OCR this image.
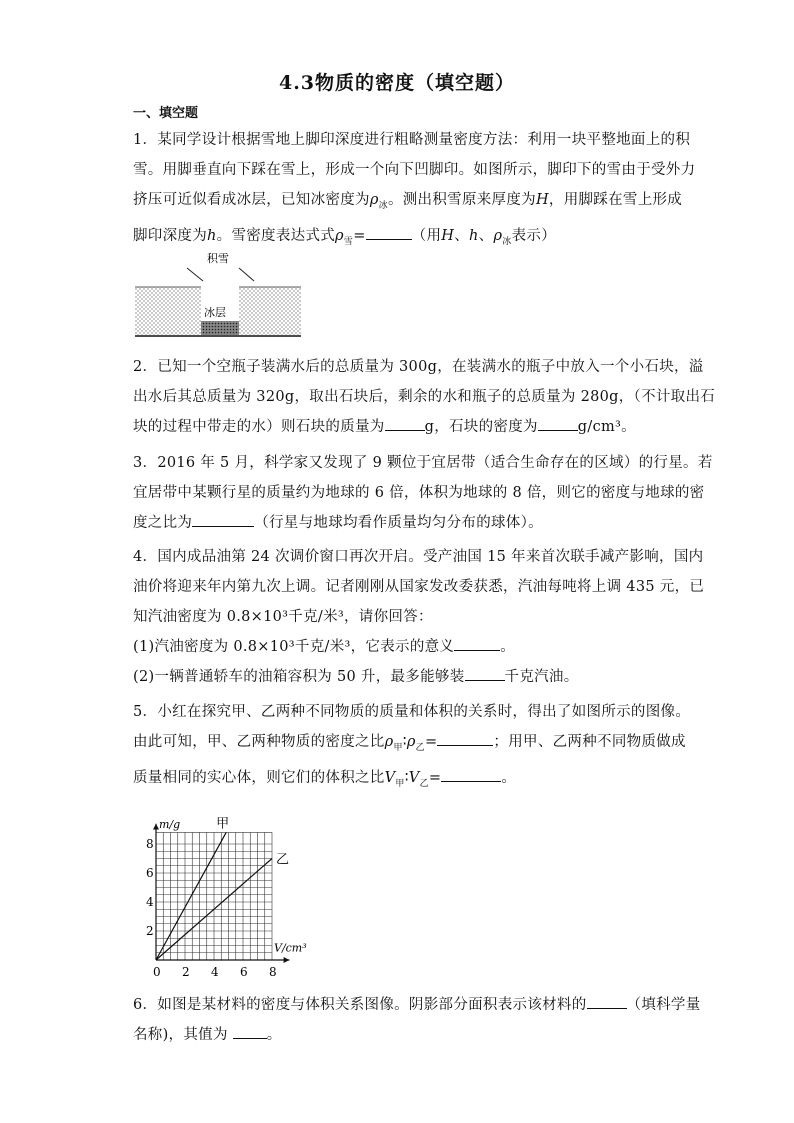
4.3物质的密度（填空题）
一、填空题
1．某同学设计根据雪地上脚印深度进行粗略测量密度方法：利用一块平整地面上的积
雪。用脚垂直向下踩在雪上，形成一个向下凹脚印。如图所示，脚印下的雪由于受外力
挤压可近似看成冰层，已知冰密度为$\rho_冰$。测出积雪原来厚度为H，用脚踩在雪上形成
脚印深度为h。雪密度表达式式$\rho_雪=$	（用H、h、$\rho_冰$表示）
积雪
冰层
2．已知一个空瓶子装满水后的总质量为 300g，在装满水的瓶子中放入一个小石块，溢
出水后其总质量为 320g，取出石块后，剩余的水和瓶子的总质量为 280g，（不计取出石
块的过程中带走的水）则石块的质量为	g，石块的密度为	g/cm³。
3．2016 年 5 月，科学家又发现了 9 颗位于宜居带（适合生命存在的区域）的行星。若
宜居带中某颗行星的质量约为地球的 6 倍，体积为地球的 8 倍，则它的密度与地球的密
度之比为	（行星与地球均看作质量均匀分布的球体）。
4．国内成品油第 24 次调价窗口再次开启。受产油国 15 年来首次联手减产影响，国内
油价将迎来年内第九次上调。记者刚刚从国家发改委获悉，汽油每吨将上调 435 元，已
知汽油密度为 0.8×10³千克/米³，请你回答：
(1)汽油密度为 0.8×10³千克/米³，它表示的意义	。
(2)一辆普通轿车的油箱容积为 50 升，最多能够装	千克汽油。
5．小红在探究甲、乙两种不同物质的质量和体积的关系时，得出了如图所示的图像。
由此可知，甲、乙两种物质的密度之比$\rho_甲∶\rho_乙=$	；用甲、乙两种不同物质做成
质量相同的实心体，则它们的体积之比$V_甲∶V_乙=$	。
m/g
V/cm³
甲
乙
0 2 4 6 8
2
4
6
8
6．如图是某材料的密度与体积关系图像。阴影部分面积表示该材料的	（填科学量
名称)，其值为	。
